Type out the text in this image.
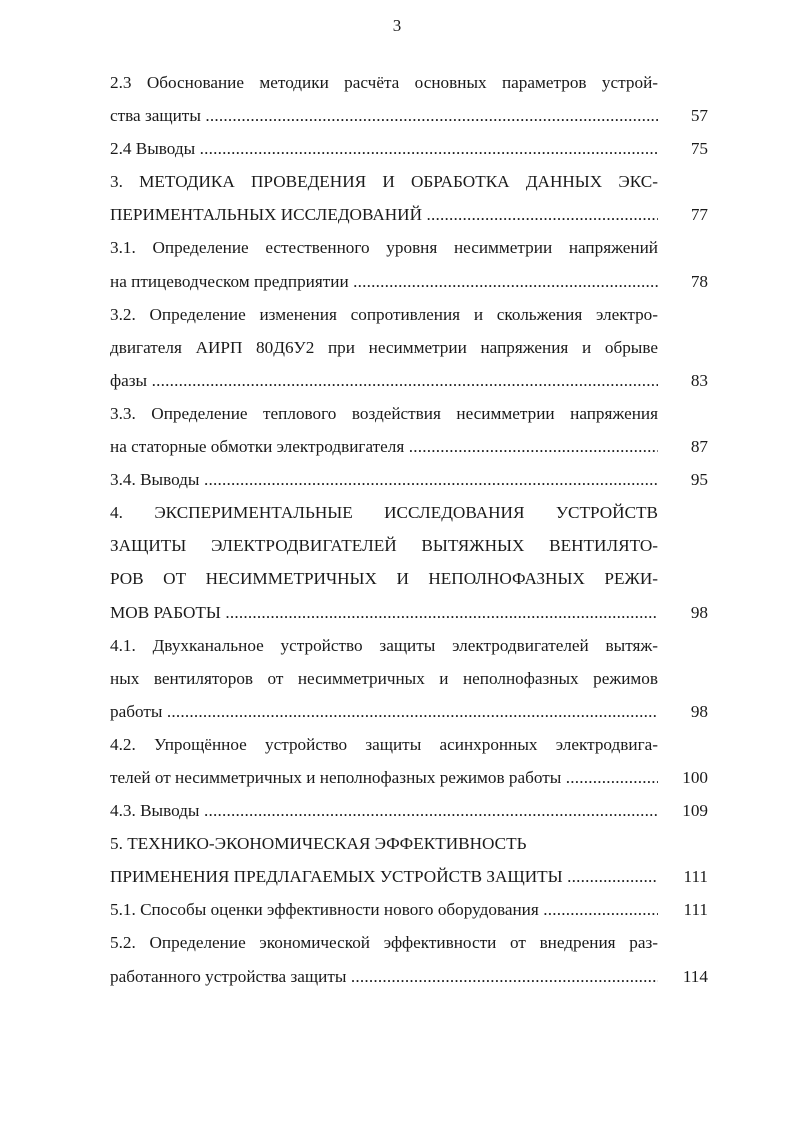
3
2.3 Обоснование методики расчёта основных параметров устрой-
ства защиты .....	57
2.4 Выводы .....	75
3. МЕТОДИКА ПРОВЕДЕНИЯ И ОБРАБОТКА ДАННЫХ ЭКС-
ПЕРИМЕНТАЛЬНЫХ ИССЛЕДОВАНИЙ .....	77
3.1. Определение естественного уровня несимметрии напряжений
на птицеводческом предприятии .....	78
3.2. Определение изменения сопротивления и скольжения электро-
двигателя АИРП 80Д6У2 при несимметрии напряжения и обрыве
фазы .....	83
3.3. Определение теплового воздействия несимметрии напряжения
на статорные обмотки электродвигателя .....	87
3.4. Выводы .....	95
4. ЭКСПЕРИМЕНТАЛЬНЫЕ ИССЛЕДОВАНИЯ УСТРОЙСТВ
ЗАЩИТЫ ЭЛЕКТРОДВИГАТЕЛЕЙ ВЫТЯЖНЫХ ВЕНТИЛЯТО-
РОВ ОТ НЕСИММЕТРИЧНЫХ И НЕПОЛНОФАЗНЫХ РЕЖИ-
МОВ РАБОТЫ .....	98
4.1. Двухканальное устройство защиты электродвигателей вытяж-
ных вентиляторов от несимметричных и неполнофазных режимов
работы .....	98
4.2. Упрощённое устройство защиты асинхронных электродвига-
телей от несимметричных и неполнофазных режимов работы .....	100
4.3. Выводы .....	109
5. ТЕХНИКО-ЭКОНОМИЧЕСКАЯ ЭФФЕКТИВНОСТЬ
ПРИМЕНЕНИЯ ПРЕДЛАГАЕМЫХ УСТРОЙСТВ ЗАЩИТЫ .....	111
5.1. Способы оценки эффективности нового оборудования .....	111
5.2. Определение экономической эффективности от внедрения раз-
работанного устройства защиты .....	114
